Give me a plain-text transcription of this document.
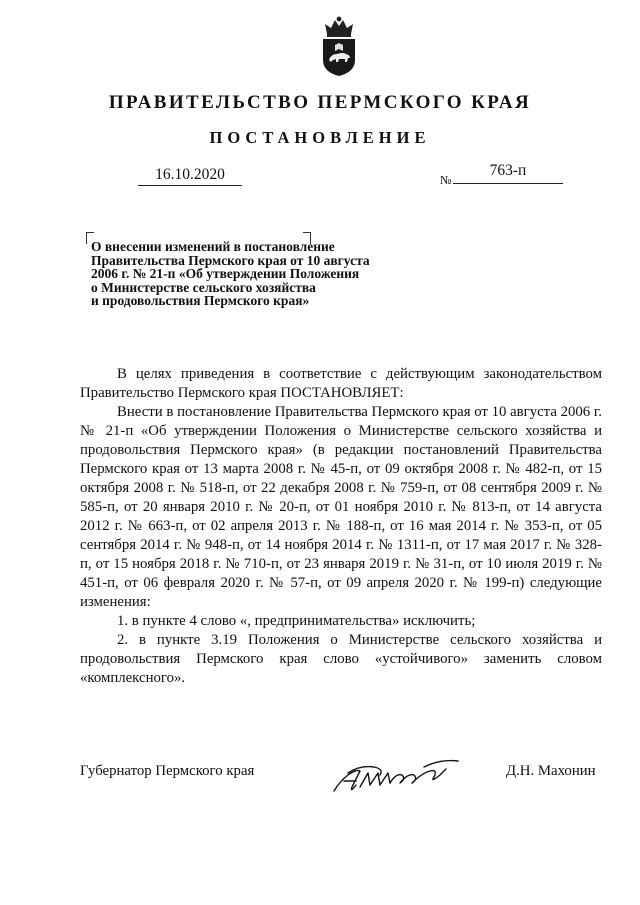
ПРАВИТЕЛЬСТВО ПЕРМСКОГО КРАЯ
ПОСТАНОВЛЕНИЕ
16.10.2020	№
763-п
О внесении изменений в постановление
Правительства Пермского края от 10 августа
2006 г. № 21-п «Об утверждении Положения
о Министерстве сельского хозяйства
и продовольствия Пермского края»

В целях приведения в соответствие с действующим законодательством Правительство Пермского края ПОСТАНОВЛЯЕТ:

Внести в постановление Правительства Пермского края от 10 августа 2006 г. № 21-п «Об утверждении Положения о Министерстве сельского хозяйства и продовольствия Пермского края» (в редакции постановлений Правительства Пермского края от 13 марта 2008 г. № 45-п, от 09 октября 2008 г. № 482-п, от 15 октября 2008 г. № 518-п, от 22 декабря 2008 г. № 759-п, от 08 сентября 2009 г. № 585-п, от 20 января 2010 г. № 20-п, от 01 ноября 2010 г. № 813-п, от 14 августа 2012 г. № 663-п, от 02 апреля 2013 г. № 188-п, от 16 мая 2014 г. № 353-п, от 05 сентября 2014 г. № 948-п, от 14 ноября 2014 г. № 1311-п, от 17 мая 2017 г. № 328-п, от 15 ноября 2018 г. № 710-п, от 23 января 2019 г. № 31-п, от 10 июля 2019 г. № 451-п, от 06 февраля 2020 г. № 57-п, от 09 апреля 2020 г. № 199-п) следующие изменения:

1. в пункте 4 слово «, предпринимательства» исключить;

2. в пункте 3.19 Положения о Министерстве сельского хозяйства и продовольствия Пермского края слово «устойчивого» заменить словом «комплексного».

Губернатор Пермского края	Д.Н. Махонин
